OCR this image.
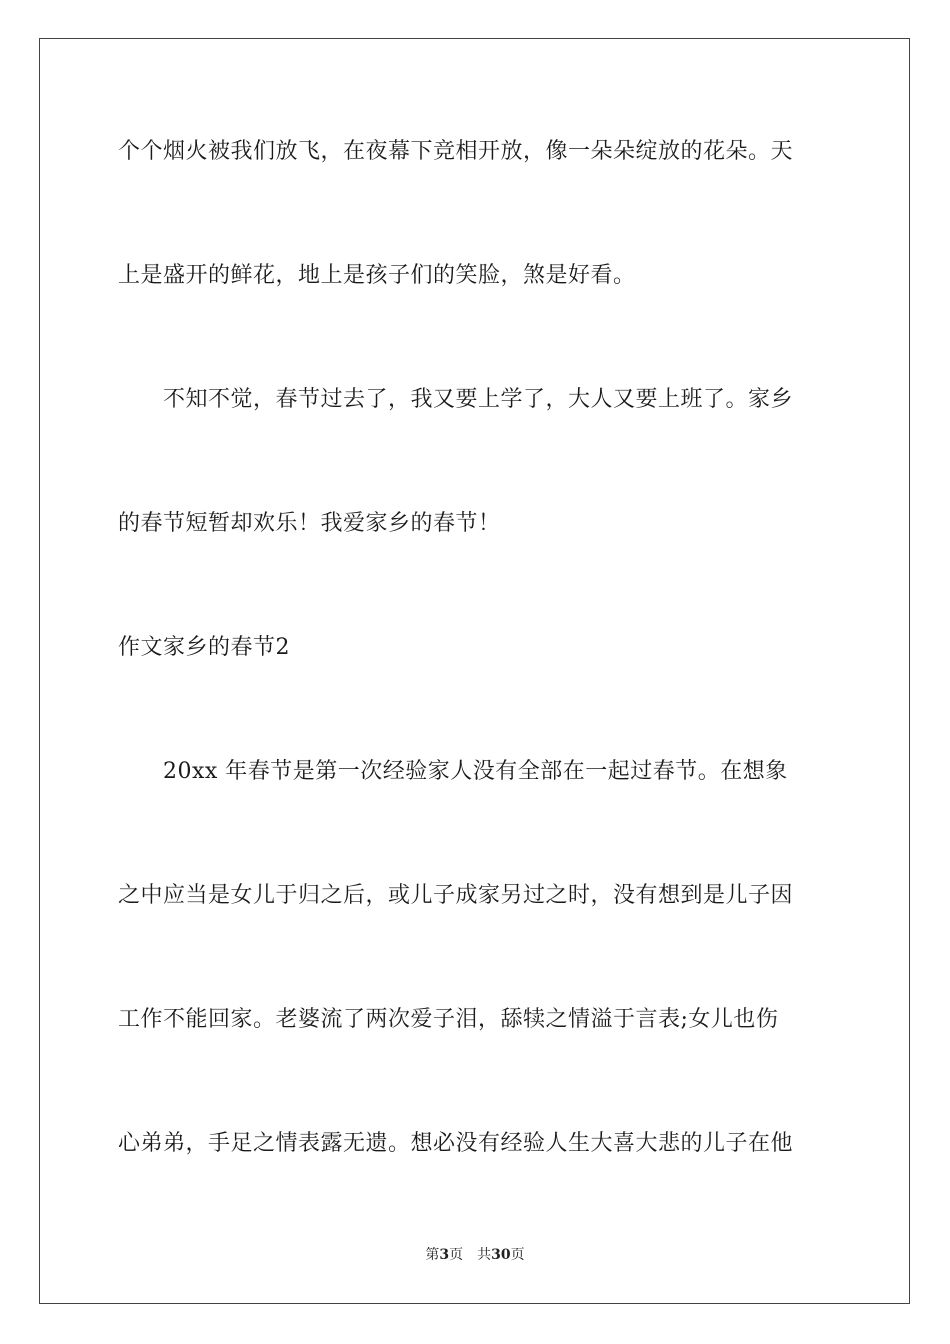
个个烟火被我们放飞，在夜幕下竞相开放，像一朵朵绽放的花朵。天
上是盛开的鲜花，地上是孩子们的笑脸，煞是好看。
不知不觉，春节过去了，我又要上学了，大人又要上班了。家乡
的春节短暂却欢乐！我爱家乡的春节！
作文家乡的春节2
20xx 年春节是第一次经验家人没有全部在一起过春节。在想象
之中应当是女儿于归之后，或儿子成家另过之时，没有想到是儿子因
工作不能回家。老婆流了两次爱子泪，舔犊之情溢于言表;女儿也伤
心弟弟，手足之情表露无遗。想必没有经验人生大喜大悲的儿子在他
第3页 共30页
